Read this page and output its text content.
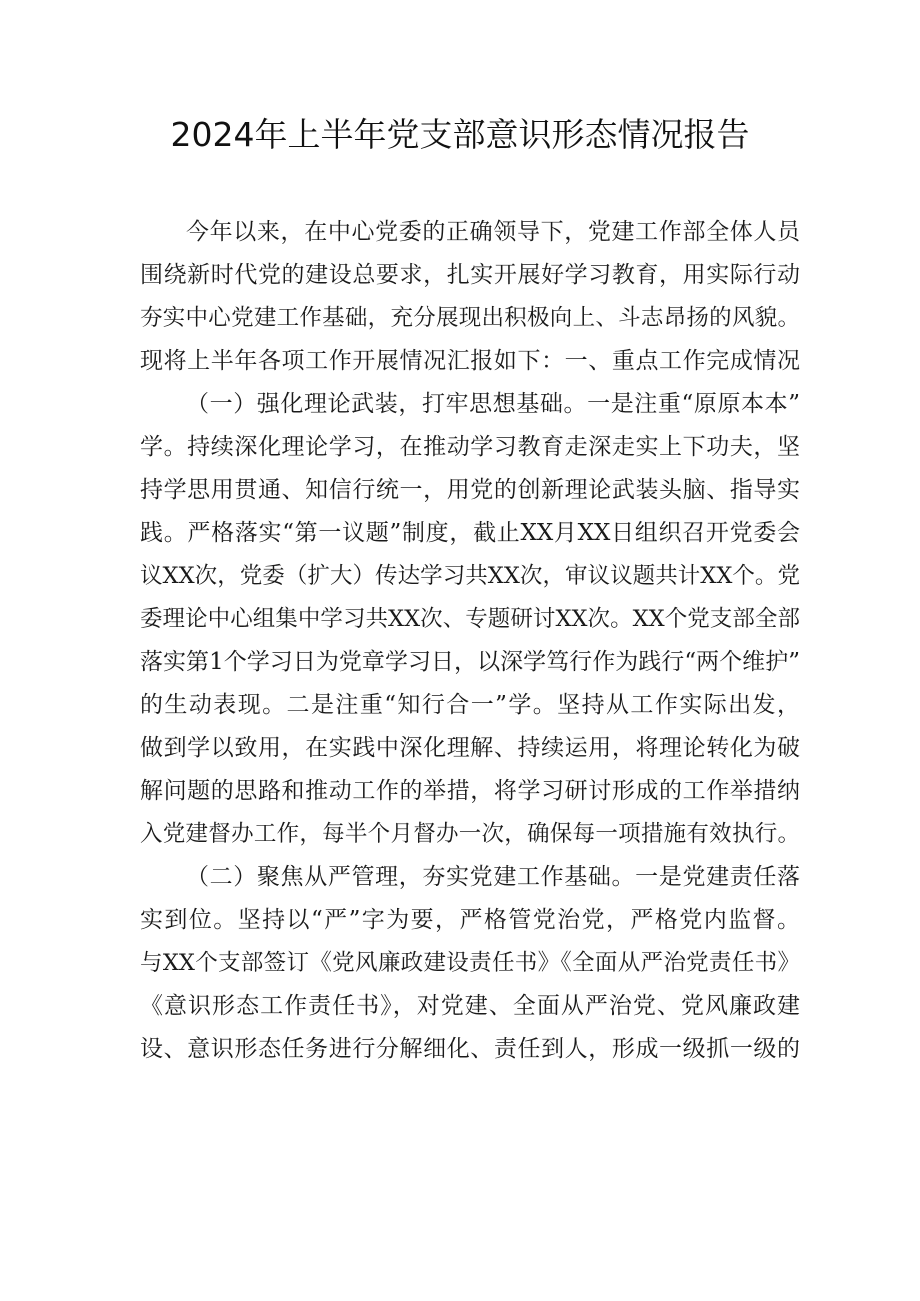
2024年上半年党支部意识形态情况报告
今年以来，在中心党委的正确领导下，党建工作部全体人员
围绕新时代党的建设总要求，扎实开展好学习教育，用实际行动
夯实中心党建工作基础，充分展现出积极向上、斗志昂扬的风貌。
现将上半年各项工作开展情况汇报如下：一、重点工作完成情况
（一）强化理论武装，打牢思想基础。一是注重“原原本本”
学。持续深化理论学习，在推动学习教育走深走实上下功夫，坚
持学思用贯通、知信行统一，用党的创新理论武装头脑、指导实
践。严格落实“第一议题”制度，截止XX月XX日组织召开党委会
议XX次，党委（扩大）传达学习共XX次，审议议题共计XX个。党
委理论中心组集中学习共XX次、专题研讨XX次。XX个党支部全部
落实第1个学习日为党章学习日，以深学笃行作为践行“两个维护”
的生动表现。二是注重“知行合一”学。坚持从工作实际出发，
做到学以致用，在实践中深化理解、持续运用，将理论转化为破
解问题的思路和推动工作的举措，将学习研讨形成的工作举措纳
入党建督办工作，每半个月督办一次，确保每一项措施有效执行。
（二）聚焦从严管理，夯实党建工作基础。一是党建责任落
实到位。坚持以“严”字为要，严格管党治党，严格党内监督。
与XX个支部签订《党风廉政建设责任书》《全面从严治党责任书》
《意识形态工作责任书》，对党建、全面从严治党、党风廉政建
设、意识形态任务进行分解细化、责任到人，形成一级抓一级的
